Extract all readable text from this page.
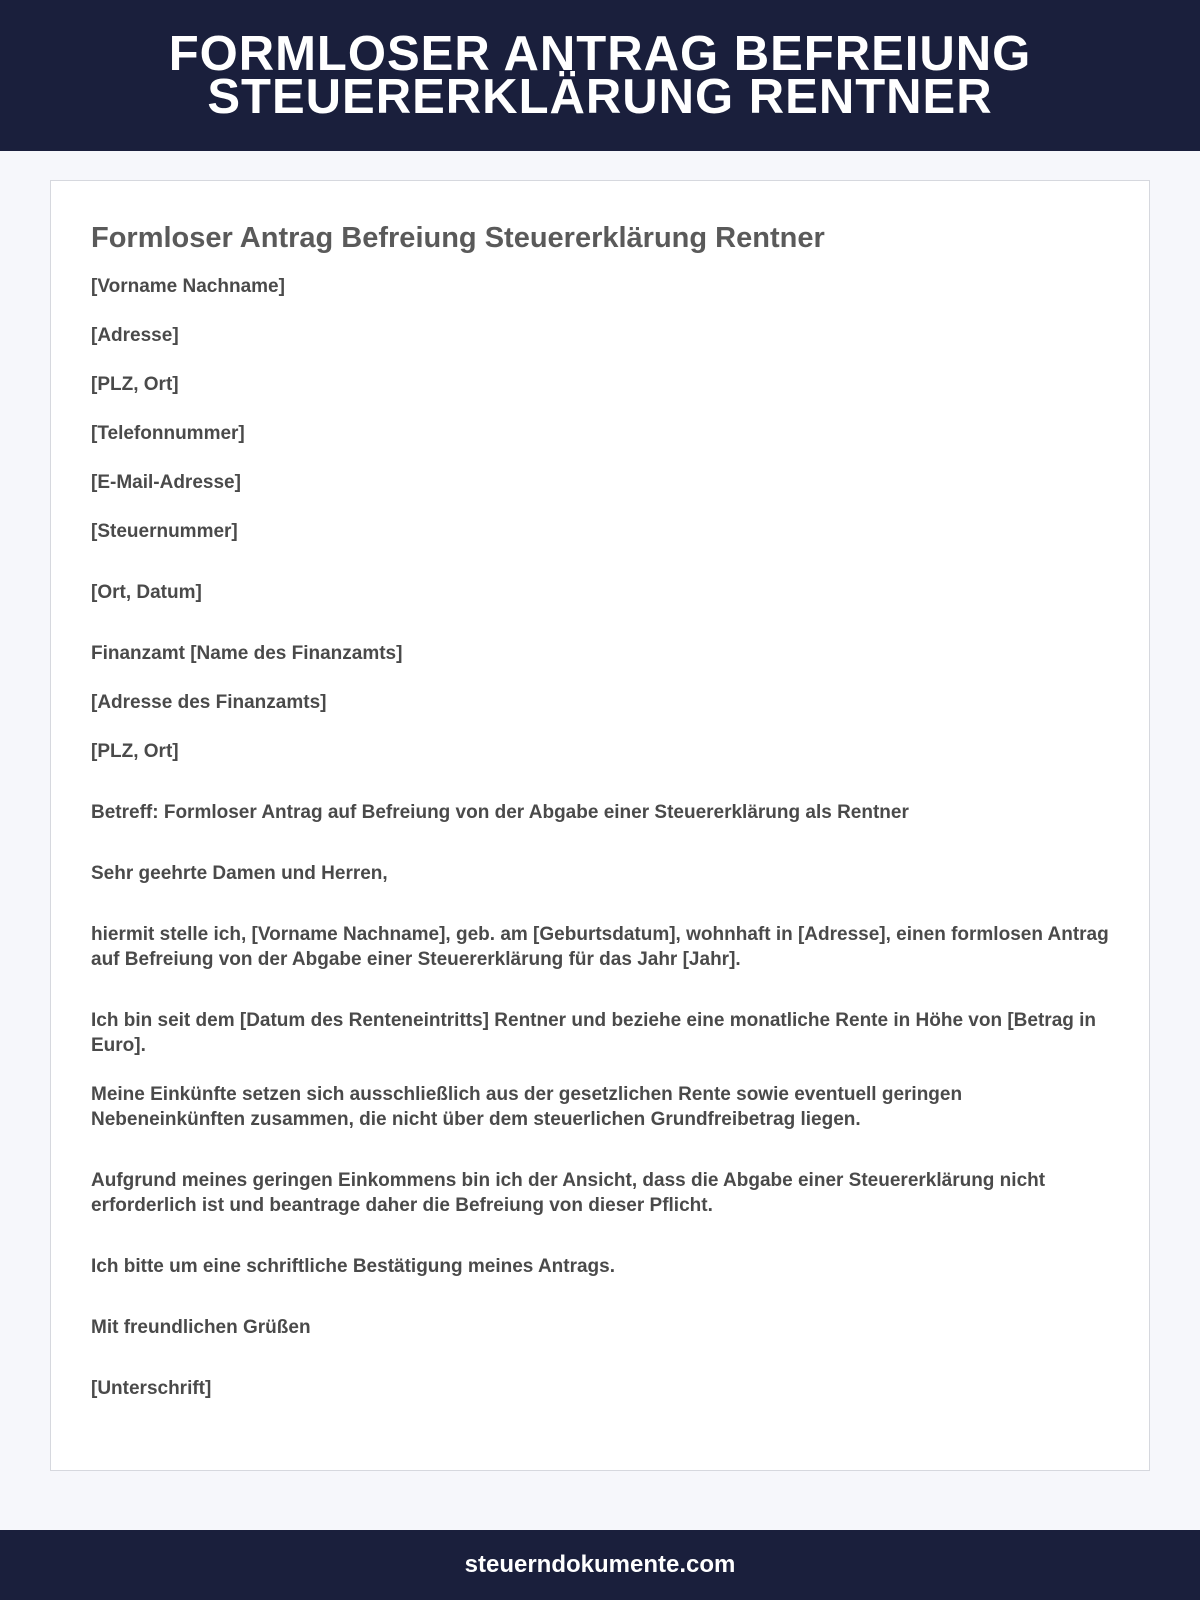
FORMLOSER ANTRAG BEFREIUNG STEUERERKLÄRUNG RENTNER
Formloser Antrag Befreiung Steuererklärung Rentner
[Vorname Nachname]
[Adresse]
[PLZ, Ort]
[Telefonnummer]
[E-Mail-Adresse]
[Steuernummer]
[Ort, Datum]
Finanzamt [Name des Finanzamts]
[Adresse des Finanzamts]
[PLZ, Ort]
Betreff: Formloser Antrag auf Befreiung von der Abgabe einer Steuererklärung als Rentner
Sehr geehrte Damen und Herren,
hiermit stelle ich, [Vorname Nachname], geb. am [Geburtsdatum], wohnhaft in [Adresse], einen formlosen Antrag auf Befreiung von der Abgabe einer Steuererklärung für das Jahr [Jahr].
Ich bin seit dem [Datum des Renteneintritts] Rentner und beziehe eine monatliche Rente in Höhe von [Betrag in Euro].
Meine Einkünfte setzen sich ausschließlich aus der gesetzlichen Rente sowie eventuell geringen Nebeneinkünften zusammen, die nicht über dem steuerlichen Grundfreibetrag liegen.
Aufgrund meines geringen Einkommens bin ich der Ansicht, dass die Abgabe einer Steuererklärung nicht erforderlich ist und beantrage daher die Befreiung von dieser Pflicht.
Ich bitte um eine schriftliche Bestätigung meines Antrags.
Mit freundlichen Grüßen
[Unterschrift]
steuerndokumente.com
